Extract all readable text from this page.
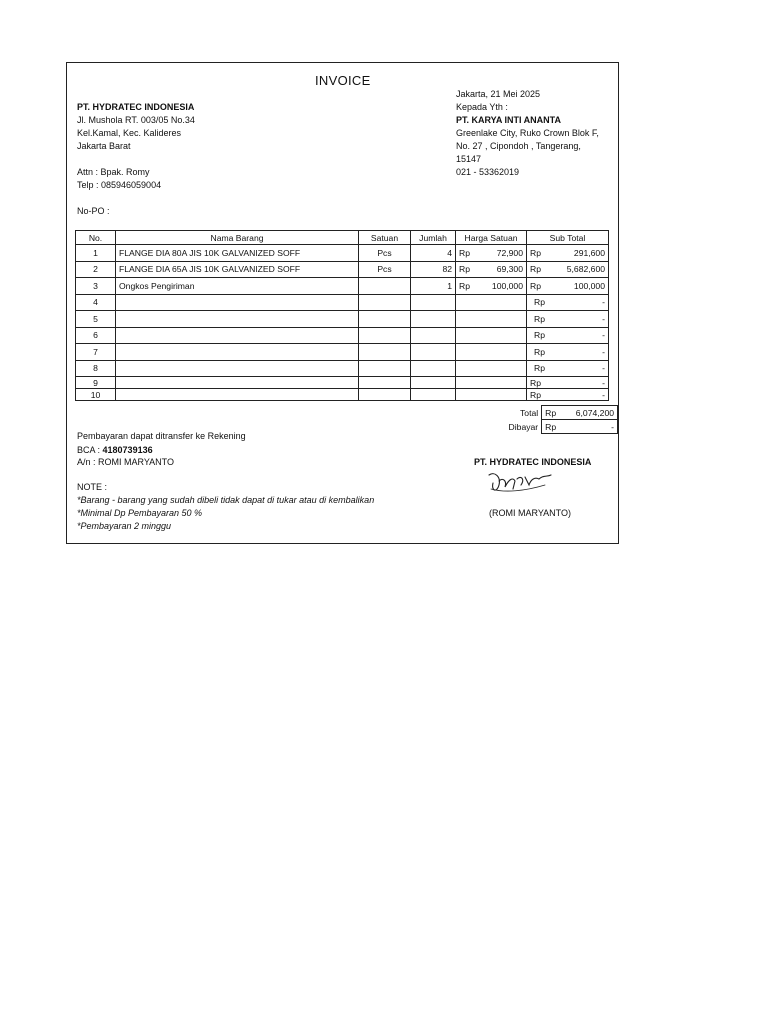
INVOICE
PT. HYDRATEC INDONESIA
Jl. Mushola RT. 003/05 No.34
Kel.Kamal, Kec. Kalideres
Jakarta Barat
Attn : Bpak. Romy
Telp : 085946059004
Jakarta, 21 Mei 2025
Kepada Yth :
PT. KARYA INTI ANANTA
Greenlake City, Ruko Crown Blok F,
No. 27 , Cipondoh , Tangerang,
15147
021 - 53362019
No-PO :
No.	Nama Barang	Satuan	Jumlah	Harga Satuan		Sub Total	
1	FLANGE DIA 80A JIS 10K GALVANIZED SOFF	Pcs	4	Rp	72,900	Rp	291,600
2	FLANGE DIA 65A JIS 10K GALVANIZED SOFF	Pcs	82	Rp	69,300	Rp	5,682,600
3	Ongkos Pengiriman		1	Rp	100,000	Rp	100,000
4						Rp	-
5						Rp	-
6						Rp	-
7						Rp	-
8						Rp	-
9						Rp	-
10						Rp	-
Total	Rp	6,074,200
Dibayar	Rp	-
Pembayaran dapat ditransfer ke Rekening
BCA : 4180739136
A/n : ROMI MARYANTO
NOTE :
*Barang - barang yang sudah dibeli tidak dapat di tukar atau di kembalikan
*Minimal Dp Pembayaran 50 %
*Pembayaran 2 minggu
PT. HYDRATEC INDONESIA
(ROMI MARYANTO)
